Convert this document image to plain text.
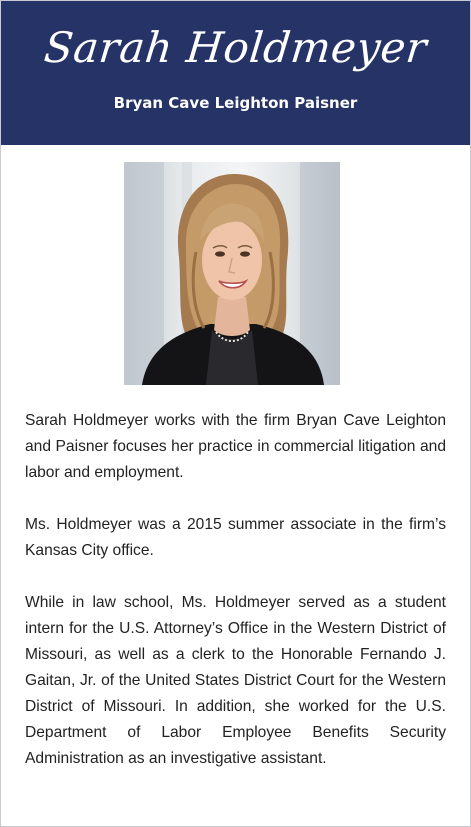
Sarah Holdmeyer
Bryan Cave Leighton Paisner

Sarah Holdmeyer works with the firm Bryan Cave Leighton and Paisner focuses her practice in commercial litigation and labor and employment.

Ms. Holdmeyer was a 2015 summer associate in the firm’s Kansas City office.

While in law school, Ms. Holdmeyer served as a student intern for the U.S. Attorney’s Office in the Western District of Missouri, as well as a clerk to the Honorable Fernando J. Gaitan, Jr. of the United States District Court for the Western District of Missouri. In addition, she worked for the U.S. Department of Labor Employee Benefits Security Administration as an investigative assistant.
